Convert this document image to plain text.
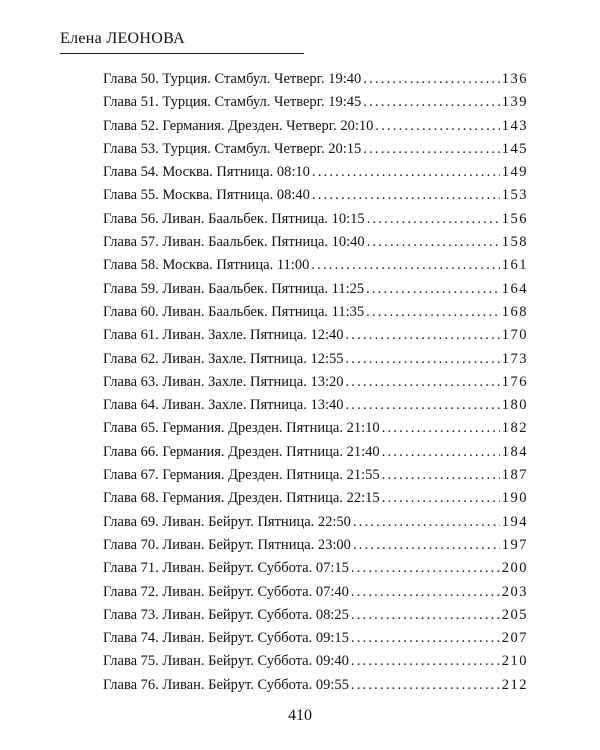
Елена ЛЕОНОВА
Глава 50. Турция. Стамбул. Четверг. 19:40 .....	136
Глава 51. Турция. Стамбул. Четверг. 19:45 .....	139
Глава 52. Германия. Дрезден. Четверг. 20:10 .....	143
Глава 53. Турция. Стамбул. Четверг. 20:15 .....	145
Глава 54. Москва. Пятница. 08:10 .....	149
Глава 55. Москва. Пятница. 08:40 .....	153
Глава 56. Ливан. Баальбек. Пятница. 10:15 .....	156
Глава 57. Ливан. Баальбек. Пятница. 10:40 .....	158
Глава 58. Москва. Пятница. 11:00 .....	161
Глава 59. Ливан. Баальбек. Пятница. 11:25 .....	164
Глава 60. Ливан. Баальбек. Пятница. 11:35 .....	168
Глава 61. Ливан. Захле. Пятница. 12:40 .....	170
Глава 62. Ливан. Захле. Пятница. 12:55 .....	173
Глава 63. Ливан. Захле. Пятница. 13:20 .....	176
Глава 64. Ливан. Захле. Пятница. 13:40 .....	180
Глава 65. Германия. Дрезден. Пятница. 21:10 .....	182
Глава 66. Германия. Дрезден. Пятница. 21:40 .....	184
Глава 67. Германия. Дрезден. Пятница. 21:55 .....	187
Глава 68. Германия. Дрезден. Пятница. 22:15 .....	190
Глава 69. Ливан. Бейрут. Пятница. 22:50 .....	194
Глава 70. Ливан. Бейрут. Пятница. 23:00 .....	197
Глава 71. Ливан. Бейрут. Суббота. 07:15 .....	200
Глава 72. Ливан. Бейрут. Суббота. 07:40 .....	203
Глава 73. Ливан. Бейрут. Суббота. 08:25 .....	205
Глава 74. Ливан. Бейрут. Суббота. 09:15 .....	207
Глава 75. Ливан. Бейрут. Суббота. 09:40 .....	210
Глава 76. Ливан. Бейрут. Суббота. 09:55 .....	212
410
